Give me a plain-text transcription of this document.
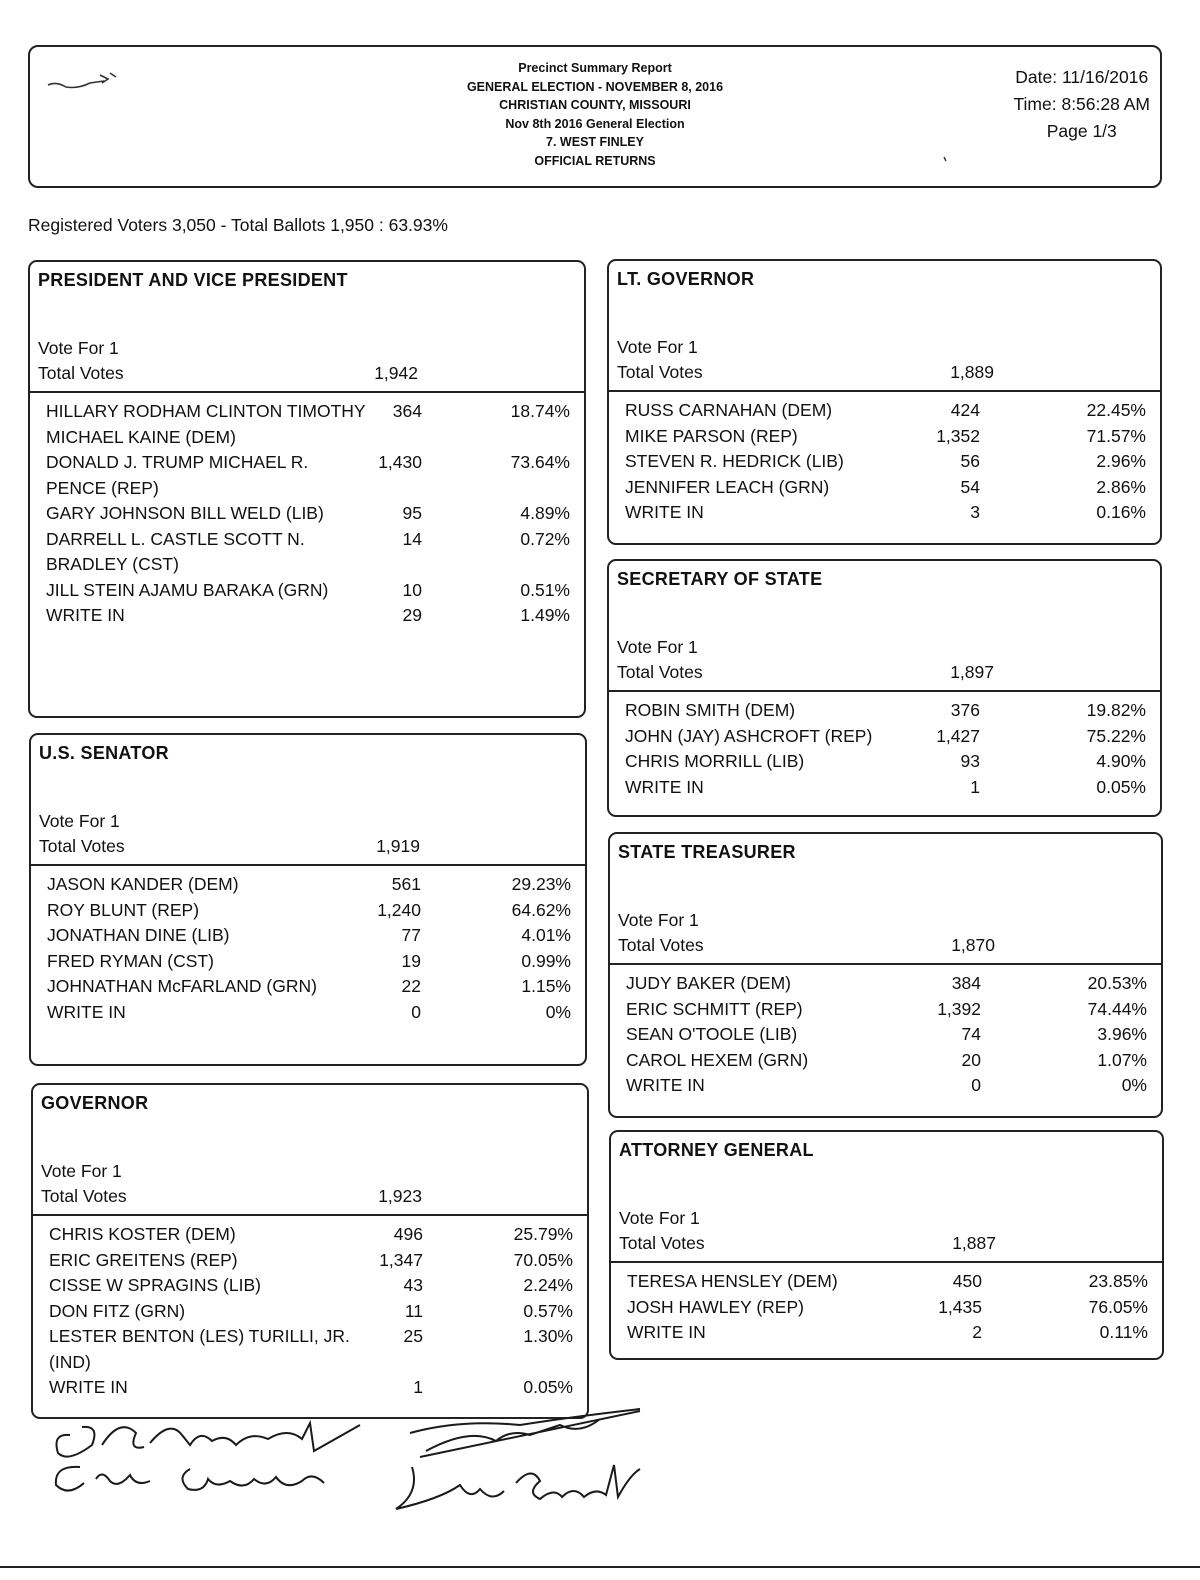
Precinct Summary Report
GENERAL ELECTION - NOVEMBER 8, 2016
CHRISTIAN COUNTY, MISSOURI
Nov 8th 2016 General Election
7. WEST FINLEY
OFFICIAL RETURNS
Date: 11/16/2016
Time: 8:56:28 AM
Page 1/3
Registered Voters 3,050 - Total Ballots 1,950 : 63.93%
PRESIDENT AND VICE PRESIDENT
Vote For 1
Total Votes	1,942
HILLARY RODHAM CLINTON TIMOTHY MICHAEL KAINE (DEM)
364	18.74%
DONALD J. TRUMP MICHAEL R. PENCE (REP)
1,430	73.64%
GARY JOHNSON BILL WELD (LIB)	95	4.89%
DARRELL L. CASTLE SCOTT N. BRADLEY (CST)
14	0.72%
JILL STEIN AJAMU BARAKA (GRN)	10	0.51%
WRITE IN	29	1.49%
U.S. SENATOR
Vote For 1
Total Votes	1,919
JASON KANDER (DEM)	561	29.23%
ROY BLUNT (REP)	1,240	64.62%
JONATHAN DINE (LIB)	77	4.01%
FRED RYMAN (CST)	19	0.99%
JOHNATHAN McFARLAND (GRN)	22	1.15%
WRITE IN	0	0%
GOVERNOR
Vote For 1
Total Votes	1,923
CHRIS KOSTER (DEM)	496	25.79%
ERIC GREITENS (REP)	1,347	70.05%
CISSE W SPRAGINS (LIB)	43	2.24%
DON FITZ (GRN)	11	0.57%
LESTER BENTON (LES) TURILLI, JR. (IND)
25	1.30%
WRITE IN	1	0.05%
LT. GOVERNOR
Vote For 1
Total Votes	1,889
RUSS CARNAHAN (DEM)	424	22.45%
MIKE PARSON (REP)	1,352	71.57%
STEVEN R. HEDRICK (LIB)	56	2.96%
JENNIFER LEACH (GRN)	54	2.86%
WRITE IN	3	0.16%
SECRETARY OF STATE
Vote For 1
Total Votes	1,897
ROBIN SMITH (DEM)	376	19.82%
JOHN (JAY) ASHCROFT (REP)	1,427	75.22%
CHRIS MORRILL (LIB)	93	4.90%
WRITE IN	1	0.05%
STATE TREASURER
Vote For 1
Total Votes	1,870
JUDY BAKER (DEM)	384	20.53%
ERIC SCHMITT (REP)	1,392	74.44%
SEAN O'TOOLE (LIB)	74	3.96%
CAROL HEXEM (GRN)	20	1.07%
WRITE IN	0	0%
ATTORNEY GENERAL
Vote For 1
Total Votes	1,887
TERESA HENSLEY (DEM)	450	23.85%
JOSH HAWLEY (REP)	1,435	76.05%
WRITE IN	2	0.11%
